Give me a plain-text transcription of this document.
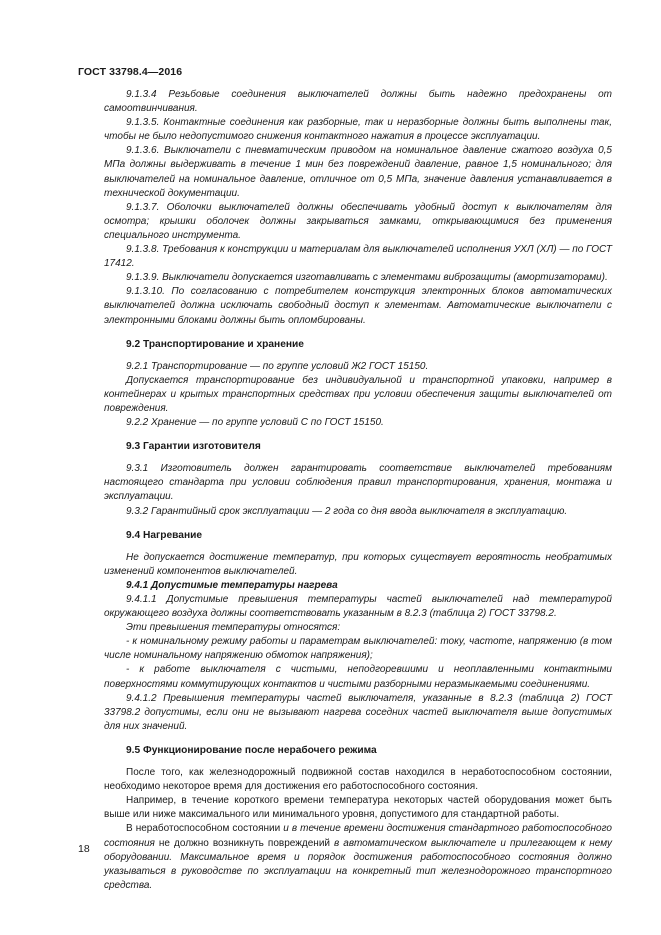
ГОСТ 33798.4—2016

9.1.3.4 Резьбовые соединения выключателей должны быть надежно предохранены от самоотвинчивания.

9.1.3.5. Контактные соединения как разборные, так и неразборные должны быть выполнены так, чтобы не было недопустимого снижения контактного нажатия в процессе эксплуатации.

9.1.3.6. Выключатели с пневматическим приводом на номинальное давление сжатого воздуха 0,5 МПа должны выдерживать в течение 1 мин без повреждений давление, равное 1,5 номинального; для выключателей на номинальное давление, отличное от 0,5 МПа, значение давления устанавливается в технической документации.

9.1.3.7. Оболочки выключателей должны обеспечивать удобный доступ к выключателям для осмотра; крышки оболочек должны закрываться замками, открывающимися без применения специального инструмента.

9.1.3.8. Требования к конструкции и материалам для выключателей исполнения УХЛ (ХЛ) — по ГОСТ 17412.

9.1.3.9. Выключатели допускается изготавливать с элементами виброзащиты (амортизаторами).

9.1.3.10. По согласованию с потребителем конструкция электронных блоков автоматических выключателей должна исключать свободный доступ к элементам. Автоматические выключатели с электронными блоками должны быть опломбированы.

9.2 Транспортирование и хранение

9.2.1 Транспортирование — по группе условий Ж2 ГОСТ 15150.

Допускается транспортирование без индивидуальной и транспортной упаковки, например в контейнерах и крытых транспортных средствах при условии обеспечения защиты выключателей от повреждения.

9.2.2 Хранение — по группе условий С по ГОСТ 15150.

9.3 Гарантии изготовителя

9.3.1 Изготовитель должен гарантировать соответствие выключателей требованиям настоящего стандарта при условии соблюдения правил транспортирования, хранения, монтажа и эксплуатации.

9.3.2 Гарантийный срок эксплуатации — 2 года со дня ввода выключателя в эксплуатацию.

9.4 Нагревание

Не допускается достижение температур, при которых существует вероятность необратимых изменений компонентов выключателей.

9.4.1 Допустимые температуры нагрева

9.4.1.1 Допустимые превышения температуры частей выключателей над температурой окружающего воздуха должны соответствовать указанным в 8.2.3 (таблица 2) ГОСТ 33798.2.

Эти превышения температуры относятся:

- к номинальному режиму работы и параметрам выключателей: току, частоте, напряжению (в том числе номинальному напряжению обмоток напряжения);

- к работе выключателя с чистыми, неподгоревшими и неоплавленными контактными поверхностями коммутирующих контактов и чистыми разборными неразмыкаемыми соединениями.

9.4.1.2 Превышения температуры частей выключателя, указанные в 8.2.3 (таблица 2) ГОСТ 33798.2 допустимы, если они не вызывают нагрева соседних частей выключателя выше допустимых для них значений.

9.5 Функционирование после нерабочего режима

После того, как железнодорожный подвижной состав находился в неработоспособном состоянии, необходимо некоторое время для достижения его работоспособного состояния.

Например, в течение короткого времени температура некоторых частей оборудования может быть выше или ниже максимального или минимального уровня, допустимого для стандартной работы.

В неработоспособном состоянии и в течение времени достижения стандартного работоспособного состояния не должно возникнуть повреждений в автоматическом выключателе и прилегающем к нему оборудовании. Максимальное время и порядок достижения работоспособного состояния должно указываться в руководстве по эксплуатации на конкретный тип железнодорожного транспортного средства.

18
